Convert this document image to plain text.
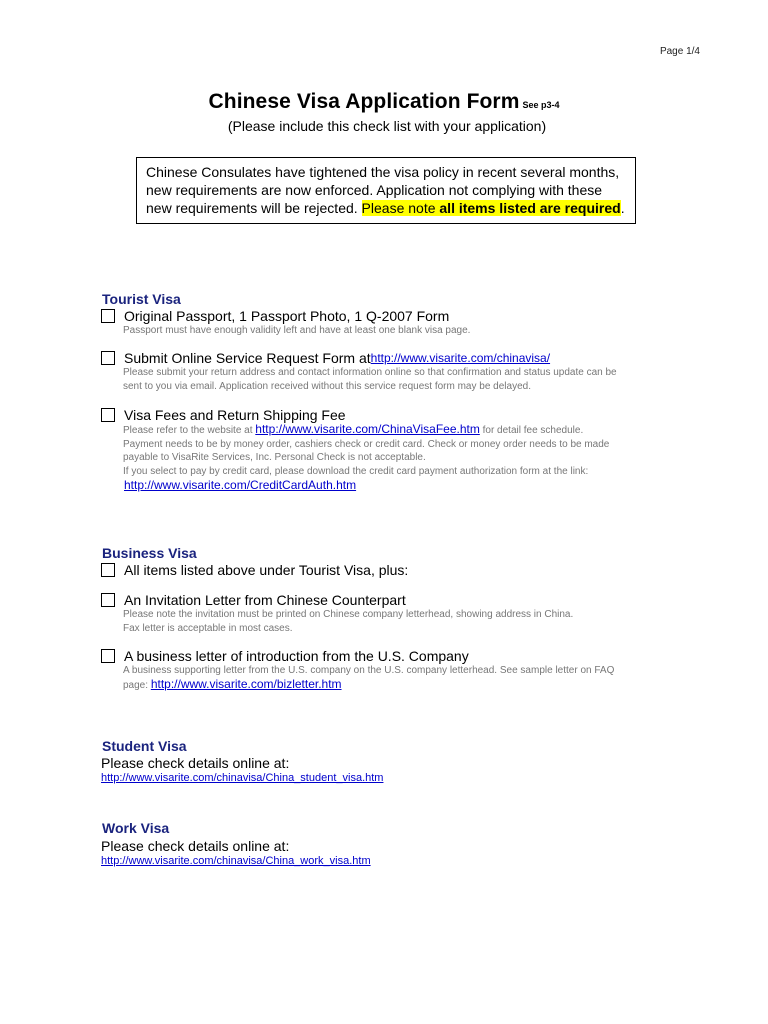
Page 1/4
Chinese Visa Application Form See p3-4
(Please include this check list with your application)
Chinese Consulates have tightened the visa policy in recent several months,
new requirements are now enforced. Application not complying with these
new requirements will be rejected. Please note all items listed are required.
Tourist Visa
Original Passport, 1 Passport Photo, 1 Q-2007 Form
Passport must have enough validity left and have at least one blank visa page.
Submit Online Service Request Form at http://www.visarite.com/chinavisa/
Please submit your return address and contact information online so that confirmation and status update can be
sent to you via email. Application received without this service request form may be delayed.
Visa Fees and Return Shipping Fee
Please refer to the website at http://www.visarite.com/ChinaVisaFee.htm for detail fee schedule.
Payment needs to be by money order, cashiers check or credit card. Check or money order needs to be made
payable to VisaRite Services, Inc. Personal Check is not acceptable.
If you select to pay by credit card, please download the credit card payment authorization form at the link:
http://www.visarite.com/CreditCardAuth.htm
Business Visa
All items listed above under Tourist Visa, plus:
An Invitation Letter from Chinese Counterpart
Please note the invitation must be printed on Chinese company letterhead, showing address in China.
Fax letter is acceptable in most cases.
A business letter of introduction from the U.S. Company
A business supporting letter from the U.S. company on the U.S. company letterhead. See sample letter on FAQ
page: http://www.visarite.com/bizletter.htm
Student Visa
Please check details online at:
http://www.visarite.com/chinavisa/China_student_visa.htm
Work Visa
Please check details online at:
http://www.visarite.com/chinavisa/China_work_visa.htm
